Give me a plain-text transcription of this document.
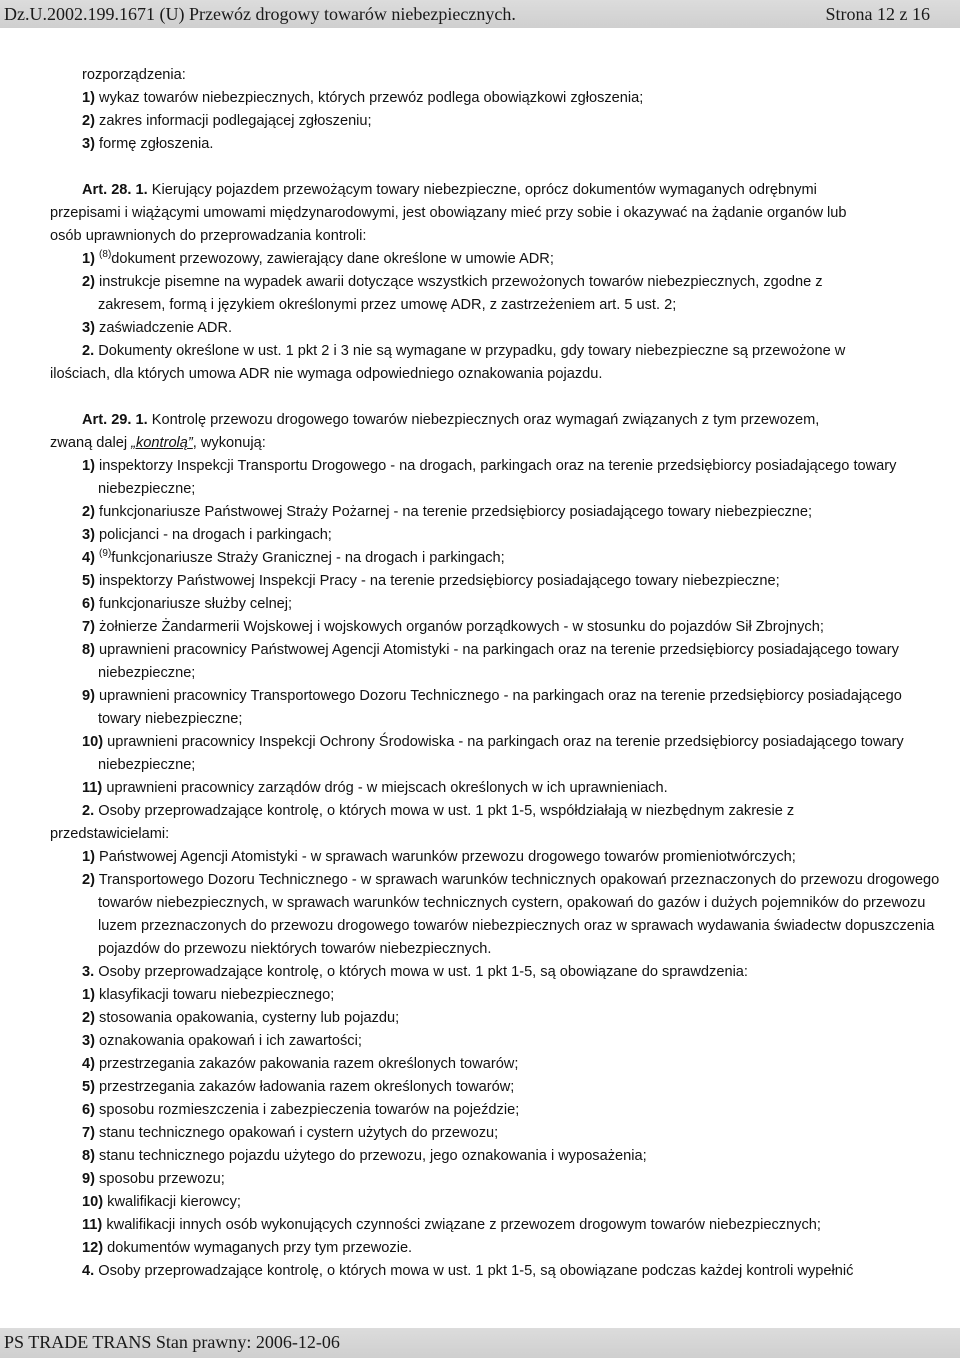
Dz.U.2002.199.1671 (U) Przewóz drogowy towarów niebezpiecznych.	Strona 12 z 16

rozporządzenia:

1) wykaz towarów niebezpiecznych, których przewóz podlega obowiązkowi zgłoszenia;

2) zakres informacji podlegającej zgłoszeniu;

3) formę zgłoszenia.

Art. 28. 1. Kierujący pojazdem przewożącym towary niebezpieczne, oprócz dokumentów wymaganych odrębnymi

przepisami i wiążącymi umowami międzynarodowymi, jest obowiązany mieć przy sobie i okazywać na żądanie organów lub

osób uprawnionych do przeprowadzania kontroli:

1) $^{(8)}$dokument przewozowy, zawierający dane określone w umowie ADR;

2) instrukcje pisemne na wypadek awarii dotyczące wszystkich przewożonych towarów niebezpiecznych, zgodne z

zakresem, formą i językiem określonymi przez umowę ADR, z zastrzeżeniem art. 5 ust. 2;

3) zaświadczenie ADR.

2. Dokumenty określone w ust. 1 pkt 2 i 3 nie są wymagane w przypadku, gdy towary niebezpieczne są przewożone w

ilościach, dla których umowa ADR nie wymaga odpowiedniego oznakowania pojazdu.

Art. 29. 1. Kontrolę przewozu drogowego towarów niebezpiecznych oraz wymagań związanych z tym przewozem,

zwaną dalej „kontrolą”, wykonują:

1) inspektorzy Inspekcji Transportu Drogowego - na drogach, parkingach oraz na terenie przedsiębiorcy posiadającego towary niebezpieczne;

2) funkcjonariusze Państwowej Straży Pożarnej - na terenie przedsiębiorcy posiadającego towary niebezpieczne;

3) policjanci - na drogach i parkingach;

4) $^{(9)}$funkcjonariusze Straży Granicznej - na drogach i parkingach;

5) inspektorzy Państwowej Inspekcji Pracy - na terenie przedsiębiorcy posiadającego towary niebezpieczne;

6) funkcjonariusze służby celnej;

7) żołnierze Żandarmerii Wojskowej i wojskowych organów porządkowych - w stosunku do pojazdów Sił Zbrojnych;

8) uprawnieni pracownicy Państwowej Agencji Atomistyki - na parkingach oraz na terenie przedsiębiorcy posiadającego towary niebezpieczne;

9) uprawnieni pracownicy Transportowego Dozoru Technicznego - na parkingach oraz na terenie przedsiębiorcy posiadającego towary niebezpieczne;

10) uprawnieni pracownicy Inspekcji Ochrony Środowiska - na parkingach oraz na terenie przedsiębiorcy posiadającego towary niebezpieczne;

11) uprawnieni pracownicy zarządów dróg - w miejscach określonych w ich uprawnieniach.

2. Osoby przeprowadzające kontrolę, o których mowa w ust. 1 pkt 1-5, współdziałają w niezbędnym zakresie z

przedstawicielami:

1) Państwowej Agencji Atomistyki - w sprawach warunków przewozu drogowego towarów promieniotwórczych;

2) Transportowego Dozoru Technicznego - w sprawach warunków technicznych opakowań przeznaczonych do przewozu drogowego towarów niebezpiecznych, w sprawach warunków technicznych cystern, opakowań do gazów i dużych pojemników do przewozu luzem przeznaczonych do przewozu drogowego towarów niebezpiecznych oraz w sprawach wydawania świadectw dopuszczenia pojazdów do przewozu niektórych towarów niebezpiecznych.

3. Osoby przeprowadzające kontrolę, o których mowa w ust. 1 pkt 1-5, są obowiązane do sprawdzenia:

1) klasyfikacji towaru niebezpiecznego;

2) stosowania opakowania, cysterny lub pojazdu;

3) oznakowania opakowań i ich zawartości;

4) przestrzegania zakazów pakowania razem określonych towarów;

5) przestrzegania zakazów ładowania razem określonych towarów;

6) sposobu rozmieszczenia i zabezpieczenia towarów na pojeździe;

7) stanu technicznego opakowań i cystern użytych do przewozu;

8) stanu technicznego pojazdu użytego do przewozu, jego oznakowania i wyposażenia;

9) sposobu przewozu;

10) kwalifikacji kierowcy;

11) kwalifikacji innych osób wykonujących czynności związane z przewozem drogowym towarów niebezpiecznych;

12) dokumentów wymaganych przy tym przewozie.

4. Osoby przeprowadzające kontrolę, o których mowa w ust. 1 pkt 1-5, są obowiązane podczas każdej kontroli wypełnić

PS TRADE TRANS Stan prawny: 2006-12-06
